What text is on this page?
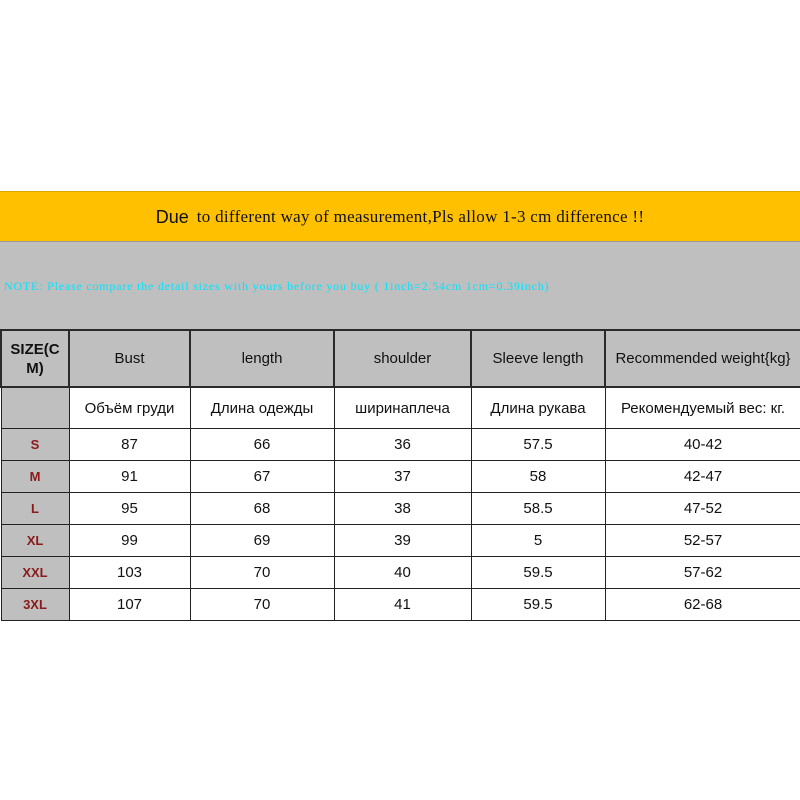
Due to different way of measurement,Pls allow 1-3 cm difference !!
NOTE: Please compare the detail sizes with yours before you buy ( 1inch=2.54cm 1cm=0.39inch)
SIZE(C M)	Bust	length	shoulder	Sleeve length	Recommended weight{kg}
	Объём груди	Длина одежды	ширинаплеча	Длина рукава	Рекомендуемый вес: кг.
S	87	66	36	57.5	40-42
M	91	67	37	58	42-47
L	95	68	38	58.5	47-52
XL	99	69	39	5	52-57
XXL	103	70	40	59.5	57-62
3XL	107	70	41	59.5	62-68
